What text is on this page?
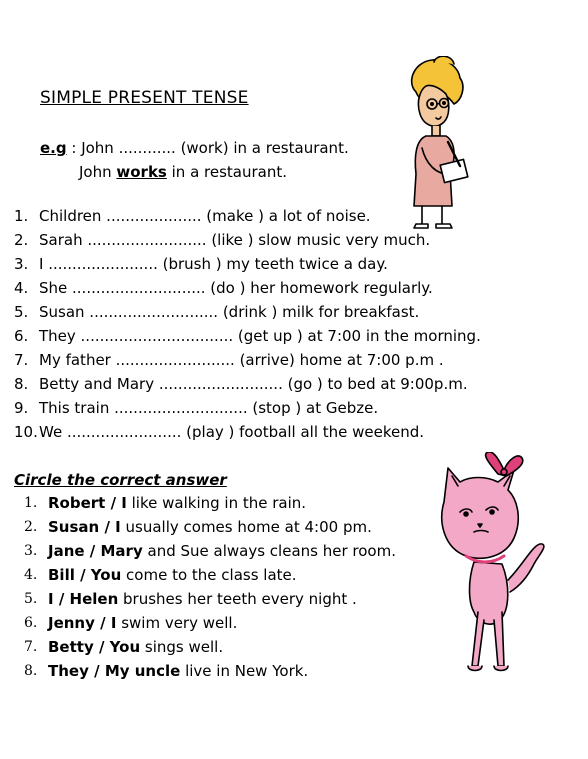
SIMPLE PRESENT TENSE
e.g : John ............ (work) in a restaurant.
John works in a restaurant.
1. Children .................... (make ) a lot of noise.
2. Sarah ......................... (like ) slow music very much.
3. I ....................... (brush ) my teeth twice a day.
4. She ............................ (do ) her homework regularly.
5. Susan ........................... (drink ) milk for breakfast.
6. They ................................ (get up ) at 7:00 in the morning.
7. My father ......................... (arrive) home at 7:00 p.m .
8. Betty and Mary .......................... (go ) to bed at 9:00p.m.
9. This train ............................ (stop ) at Gebze.
10. We ........................ (play ) football all the weekend.
Circle the correct answer
1. Robert / I like walking in the rain.
2. Susan / I usually comes home at 4:00 pm.
3. Jane / Mary and Sue always cleans her room.
4. Bill / You come to the class late.
5. I / Helen brushes her teeth every night .
6. Jenny / I swim very well.
7. Betty / You sings well.
8. They / My uncle live in New York.
